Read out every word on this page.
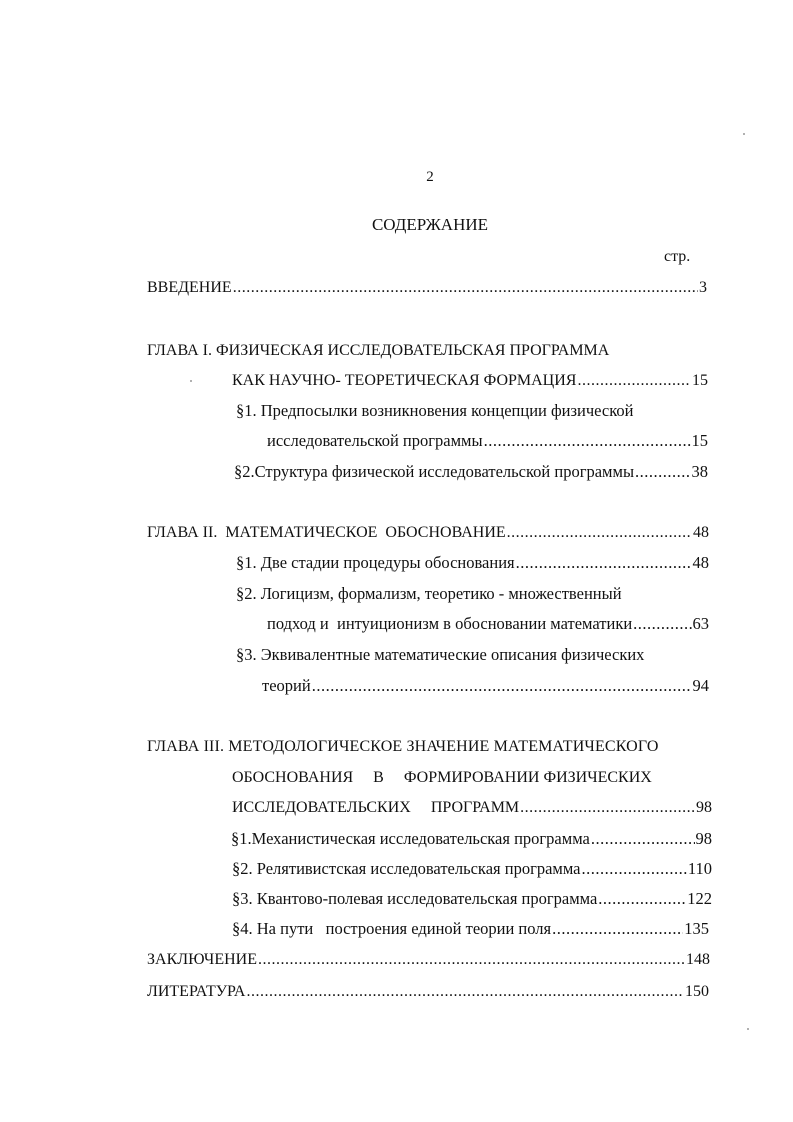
2
СОДЕРЖАНИЕ
стр.
ВВЕДЕНИЕ .....	3
ГЛАВА I. ФИЗИЧЕСКАЯ ИССЛЕДОВАТЕЛЬСКАЯ ПРОГРАММА
КАК НАУЧНО- ТЕОРЕТИЧЕСКАЯ ФОРМАЦИЯ .....	15
§1. Предпосылки возникновения концепции физической
исследовательской программы .....	15
§2.Структура физической исследовательской программы .....	38
ГЛАВА II.  МАТЕМАТИЧЕСКОЕ  ОБОСНОВАНИЕ .....	48
§1. Две стадии процедуры обоснования .....	48
§2. Логицизм, формализм, теоретико - множественный
подход и  интуиционизм в обосновании математики .....	63
§3. Эквивалентные математические описания физических
теорий .....	94
ГЛАВА III. МЕТОДОЛОГИЧЕСКОЕ ЗНАЧЕНИЕ МАТЕМАТИЧЕСКОГО
ОБОСНОВАНИЯ     В     ФОРМИРОВАНИИ ФИЗИЧЕСКИХ
ИССЛЕДОВАТЕЛЬСКИХ     ПРОГРАММ .....	98
§1.Механистическая исследовательская программа .....	98
§2. Релятивистская исследовательская программа .....	110
§3. Квантово-полевая исследовательская программа .....	122
§4. На пути   построения единой теории поля .....	135
ЗАКЛЮЧЕНИЕ .....	148
ЛИТЕРАТУРА .....	150
